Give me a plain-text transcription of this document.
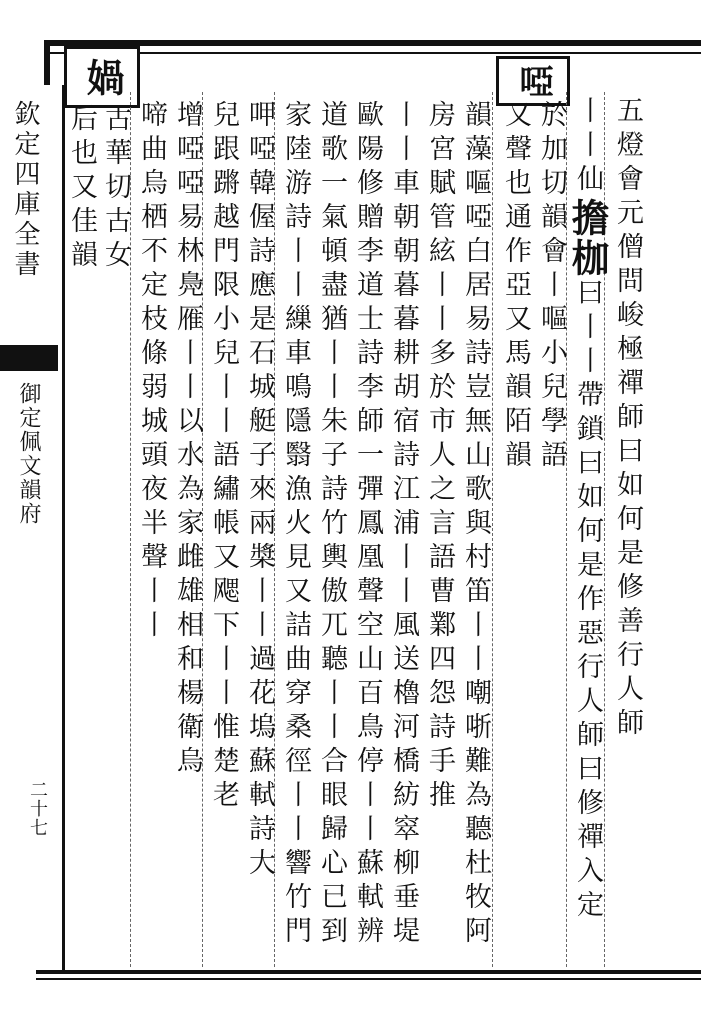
欽定四庫全書
御定佩文韻府
二十七
媧	啞
五燈會元僧問峻極禪師曰如何是修善行人師
丨丨仙擔枷曰丨丨帶鎖曰如何是作惡行人師曰修禪入定
於加切韻會丨嘔小兒學語
又聲也通作亞又馬韻陌韻
韻藻嘔啞白居易詩豈無山歌與村笛丨丨嘲哳難為聽杜牧阿
房宮賦管絃丨丨多於市人之言語曹鄴四怨詩手推
丨丨車朝朝暮暮耕胡宿詩江浦丨丨風送櫓河橋紡窣柳垂堤
歐陽修贈李道士詩李師一彈鳳凰聲空山百鳥停丨丨蘇軾辨
道歌一氣頓盡猶丨丨朱子詩竹輿傲兀聽丨丨合眼歸心已到
家陸游詩丨丨繅車鳴隱翳漁火見又詰曲穿桑徑丨丨響竹門
呷啞韓偓詩應是石城艇子來兩槳丨丨過花塢蘇軾詩大
兒跟蹡越門限小兒丨丨語繡帳又飔下丨丨惟楚老
增啞啞易林鳧雁丨丨以水為家雌雄相和楊衛烏
啼曲烏栖不定枝條弱城頭夜半聲丨丨
古華切古女
后也又佳韻
